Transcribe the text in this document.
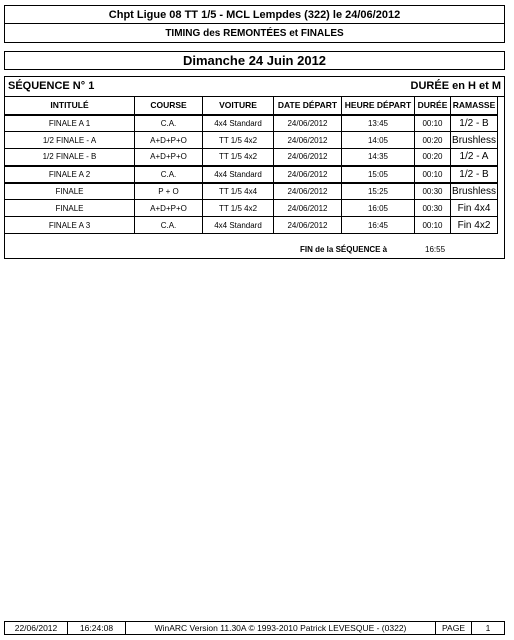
Chpt Ligue 08 TT 1/5 - MCL Lempdes (322) le 24/06/2012
TIMING des REMONTÉES et FINALES
Dimanche 24 Juin 2012
SÉQUENCE N° 1	DURÉE en H et M
INTITULÉ	COURSE	VOITURE	DATE DÉPART	HEURE DÉPART	DURÉE	RAMASSE
FINALE A 1	C.A.	4x4 Standard	24/06/2012	13:45	00:10	1/2 - B
1/2 FINALE - A	A+D+P+O	TT 1/5 4x2	24/06/2012	14:05	00:20	Brushless
1/2 FINALE - B	A+D+P+O	TT 1/5 4x2	24/06/2012	14:35	00:20	1/2 - A
FINALE A 2	C.A.	4x4 Standard	24/06/2012	15:05	00:10	1/2 - B
FINALE	P + O	TT 1/5 4x4	24/06/2012	15:25	00:30	Brushless
FINALE	A+D+P+O	TT 1/5 4x2	24/06/2012	16:05	00:30	Fin 4x4
FINALE A 3	C.A.	4x4 Standard	24/06/2012	16:45	00:10	Fin 4x2
FIN de la SÉQUENCE à	16:55
22/06/2012	16:24:08	WinARC Version 11.30A © 1993-2010 Patrick LEVESQUE - (0322)	PAGE	1
